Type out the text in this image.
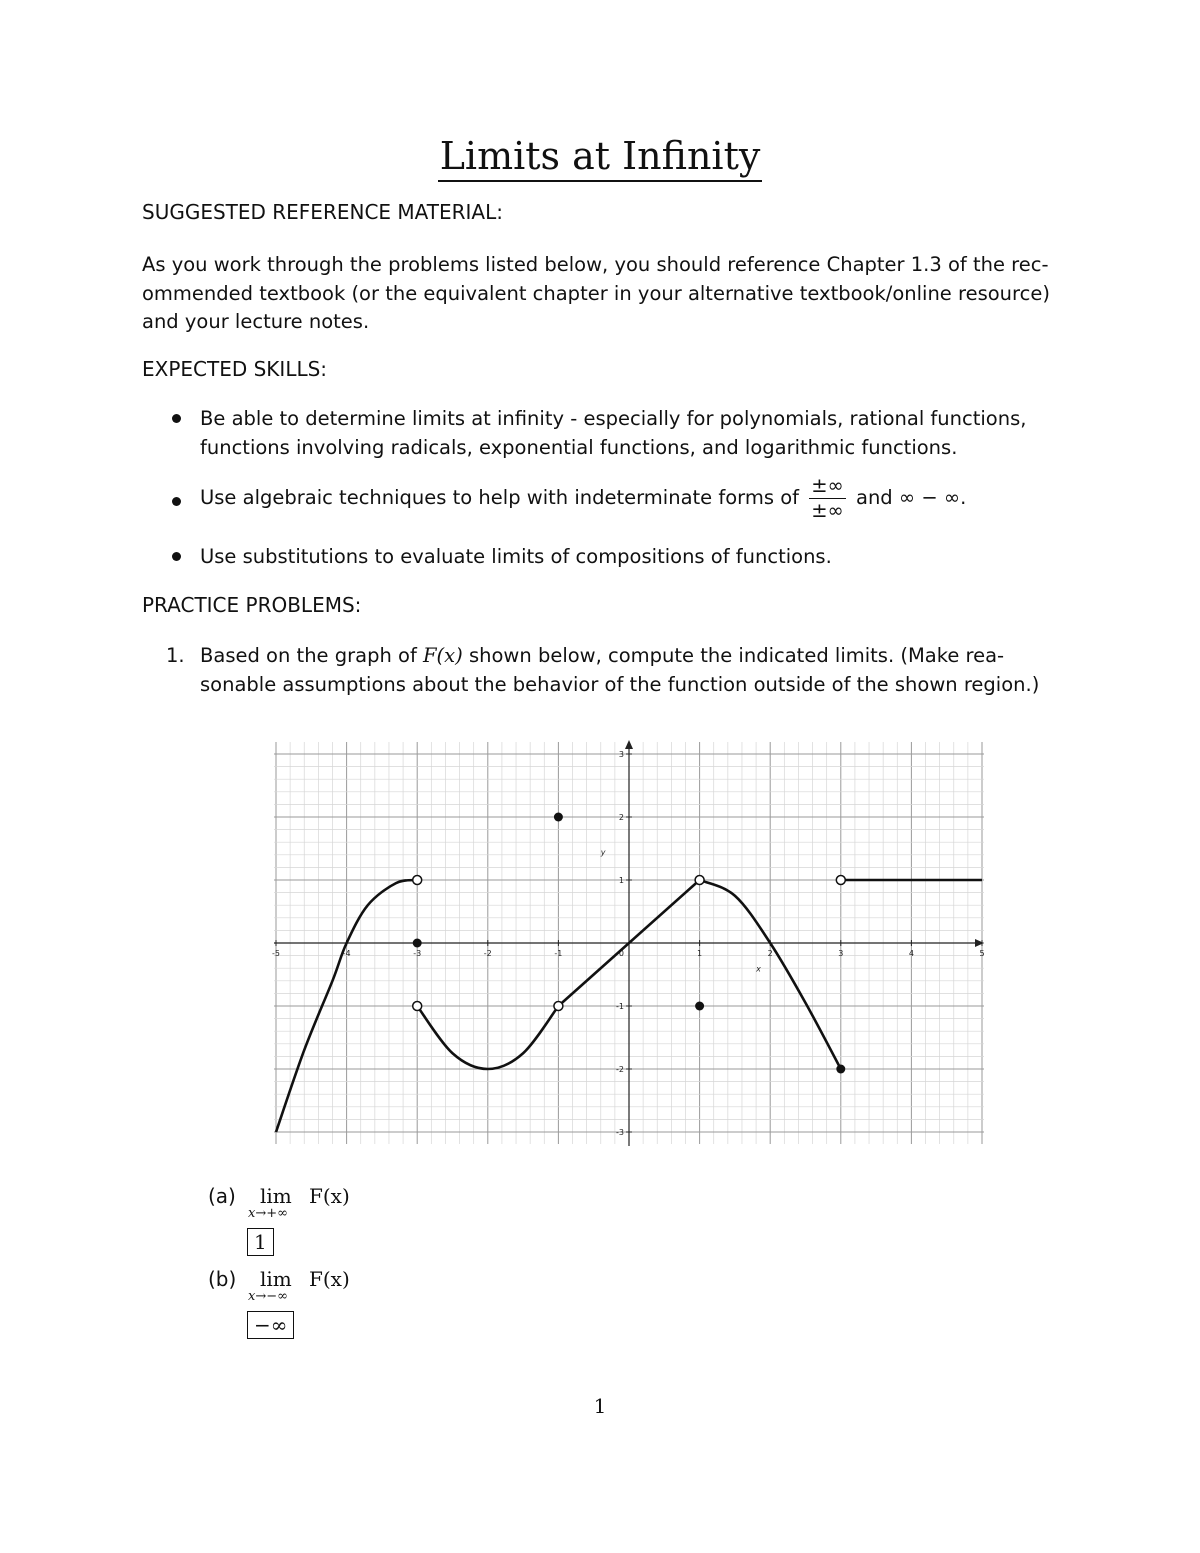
Limits at Infinity
SUGGESTED REFERENCE MATERIAL:
As you work through the problems listed below, you should reference Chapter 1.3 of the rec-
ommended textbook (or the equivalent chapter in your alternative textbook/online resource)
and your lecture notes.
EXPECTED SKILLS:
Be able to determine limits at infinity - especially for polynomials, rational functions,
functions involving radicals, exponential functions, and logarithmic functions.
Use algebraic techniques to help with indeterminate forms of $\frac{\pm\infty}{\pm\infty}$ and ∞ − ∞.
Use substitutions to evaluate limits of compositions of functions.
PRACTICE PROBLEMS:
1. Based on the graph of F(x) shown below, compute the indicated limits. (Make rea-
sonable assumptions about the behavior of the function outside of the shown region.)
-5	-4	-3	-2	-1	1	2	3	4	5
3
2
1
-1
-2
-3
0
x
y
(a) lim
x→+∞
F(x)
1
(b) lim
x→−∞
F(x)
−∞
1
